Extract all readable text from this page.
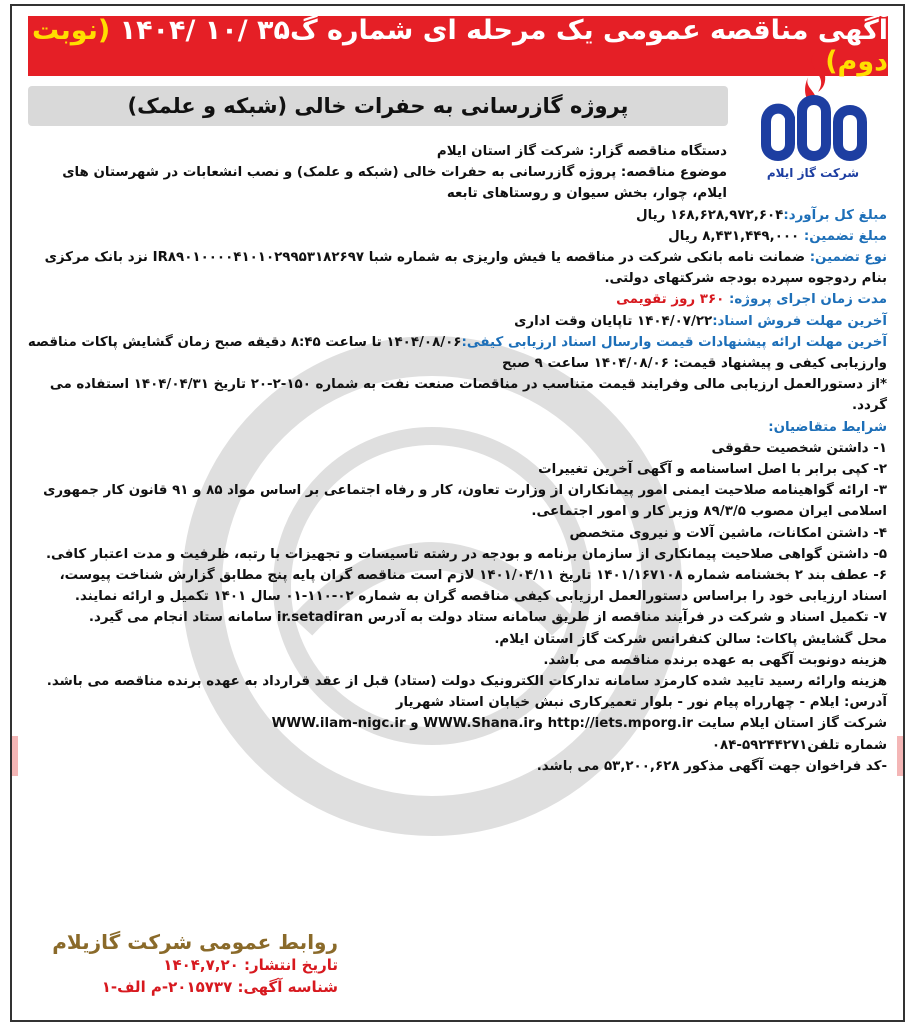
آگهی مناقصه عمومی یک مرحله ای شماره گ۳۵ /۱۰ /۱۴۰۴ (نوبت دوم)
پروژه گازرسانی به حفرات خالی (شبکه و علمک)
شرکت گاز ایلام

دستگاه مناقصه گزار: شرکت گاز استان ایلام

موضوع مناقصه: پروژه گازرسانی به حفرات خالی (شبکه و علمک) و نصب انشعابات در شهرستان های ایلام، چوار، بخش سیوان و روستاهای تابعه

مبلغ کل برآورد:۱۶۸,۶۲۸,۹۷۲,۶۰۴ ریال

مبلغ تضمین: ۸,۴۳۱,۴۴۹,۰۰۰ ریال

نوع تضمین: ضمانت نامه بانکی شرکت در مناقصه یا فیش واریزی به شماره شبا IR۸۹۰۱۰۰۰۰۴۱۰۱۰۲۹۹۵۳۱۸۲۶۹۷ نزد بانک مرکزی بنام ردوجوه سپرده بودجه شرکتهای دولتی.

مدت زمان اجرای پروژه: ۳۶۰ روز تقویمی

آخرین مهلت فروش اسناد:۱۴۰۴/۰۷/۲۲ تاپایان وقت اداری

آخرین مهلت ارائه پیشنهادات قیمت وارسال اسناد ارزیابی کیفی:۱۴۰۴/۰۸/۰۶ تا ساعت ۸:۴۵ دقیقه صبح زمان گشایش پاکات مناقصه وارزیابی کیفی و پیشنهاد قیمت: ۱۴۰۴/۰۸/۰۶ ساعت ۹ صبح

*از دستورالعمل ارزیابی مالی وفرایند قیمت متناسب در مناقصات صنعت نفت به شماره ۱۵۰-۲-۲۰ تاریخ ۱۴۰۴/۰۴/۳۱ استفاده می گردد.

شرایط متقاضیان:

۱- داشتن شخصیت حقوقی

۲- کپی برابر با اصل اساسنامه و آگهی آخرین تغییرات

۳- ارائه گواهینامه صلاحیت ایمنی امور پیمانکاران از وزارت تعاون، کار و رفاه اجتماعی بر اساس مواد ۸۵ و ۹۱ قانون کار جمهوری اسلامی ایران مصوب ۸۹/۳/۵ وزیر کار و امور اجتماعی.

۴- داشتن امکانات، ماشین آلات و نیروی متخصص

۵- داشتن گواهی صلاحیت پیمانکاری از سازمان برنامه و بودجه در رشته تاسیسات و تجهیزات با رتبه، ظرفیت و مدت اعتبار کافی.

۶- عطف بند ۲ بخشنامه شماره ۱۴۰۱/۱۶۷۱۰۸ تاریخ ۱۴۰۱/۰۴/۱۱ لازم است مناقصه گران پایه پنج مطابق گزارش شناخت پیوست، اسناد ارزیابی خود را براساس دستورالعمل ارزیابی کیفی مناقصه گران به شماره ۰۲-۱۱۰-۰۱ سال ۱۴۰۱ تکمیل و ارائه نمایند.

۷- تکمیل اسناد و شرکت در فرآیند مناقصه از طریق سامانه ستاد دولت به آدرس ir.setadiran سامانه ستاد انجام می گیرد.

محل گشایش پاکات: سالن کنفرانس شرکت گاز استان ایلام.

هزینه دونوبت آگهی به عهده برنده مناقصه می باشد.

هزینه وارائه رسید تایید شده کارمزد سامانه تدارکات الکترونیک دولت (ستاد) قبل از عقد قرارداد به عهده برنده مناقصه می باشد.

آدرس: ایلام - چهارراه پیام نور - بلوار تعمیرکاری نبش خیابان استاد شهریار

شرکت گاز استان ایلام سایت http://iets.mporg.ir وWWW.Shana.ir و WWW.ilam-nigc.ir

شماره تلفن۵۹۲۴۴۲۷۱-۰۸۴

-کد فراخوان جهت آگهی مذکور ۵۳,۲۰۰,۶۲۸ می باشد.

روابط عمومی شرکت گازیلام
تاریخ انتشار: ۱۴۰۴,۷,۲۰
شناسه آگهی: ۲۰۱۵۷۳۷-م الف-۱
